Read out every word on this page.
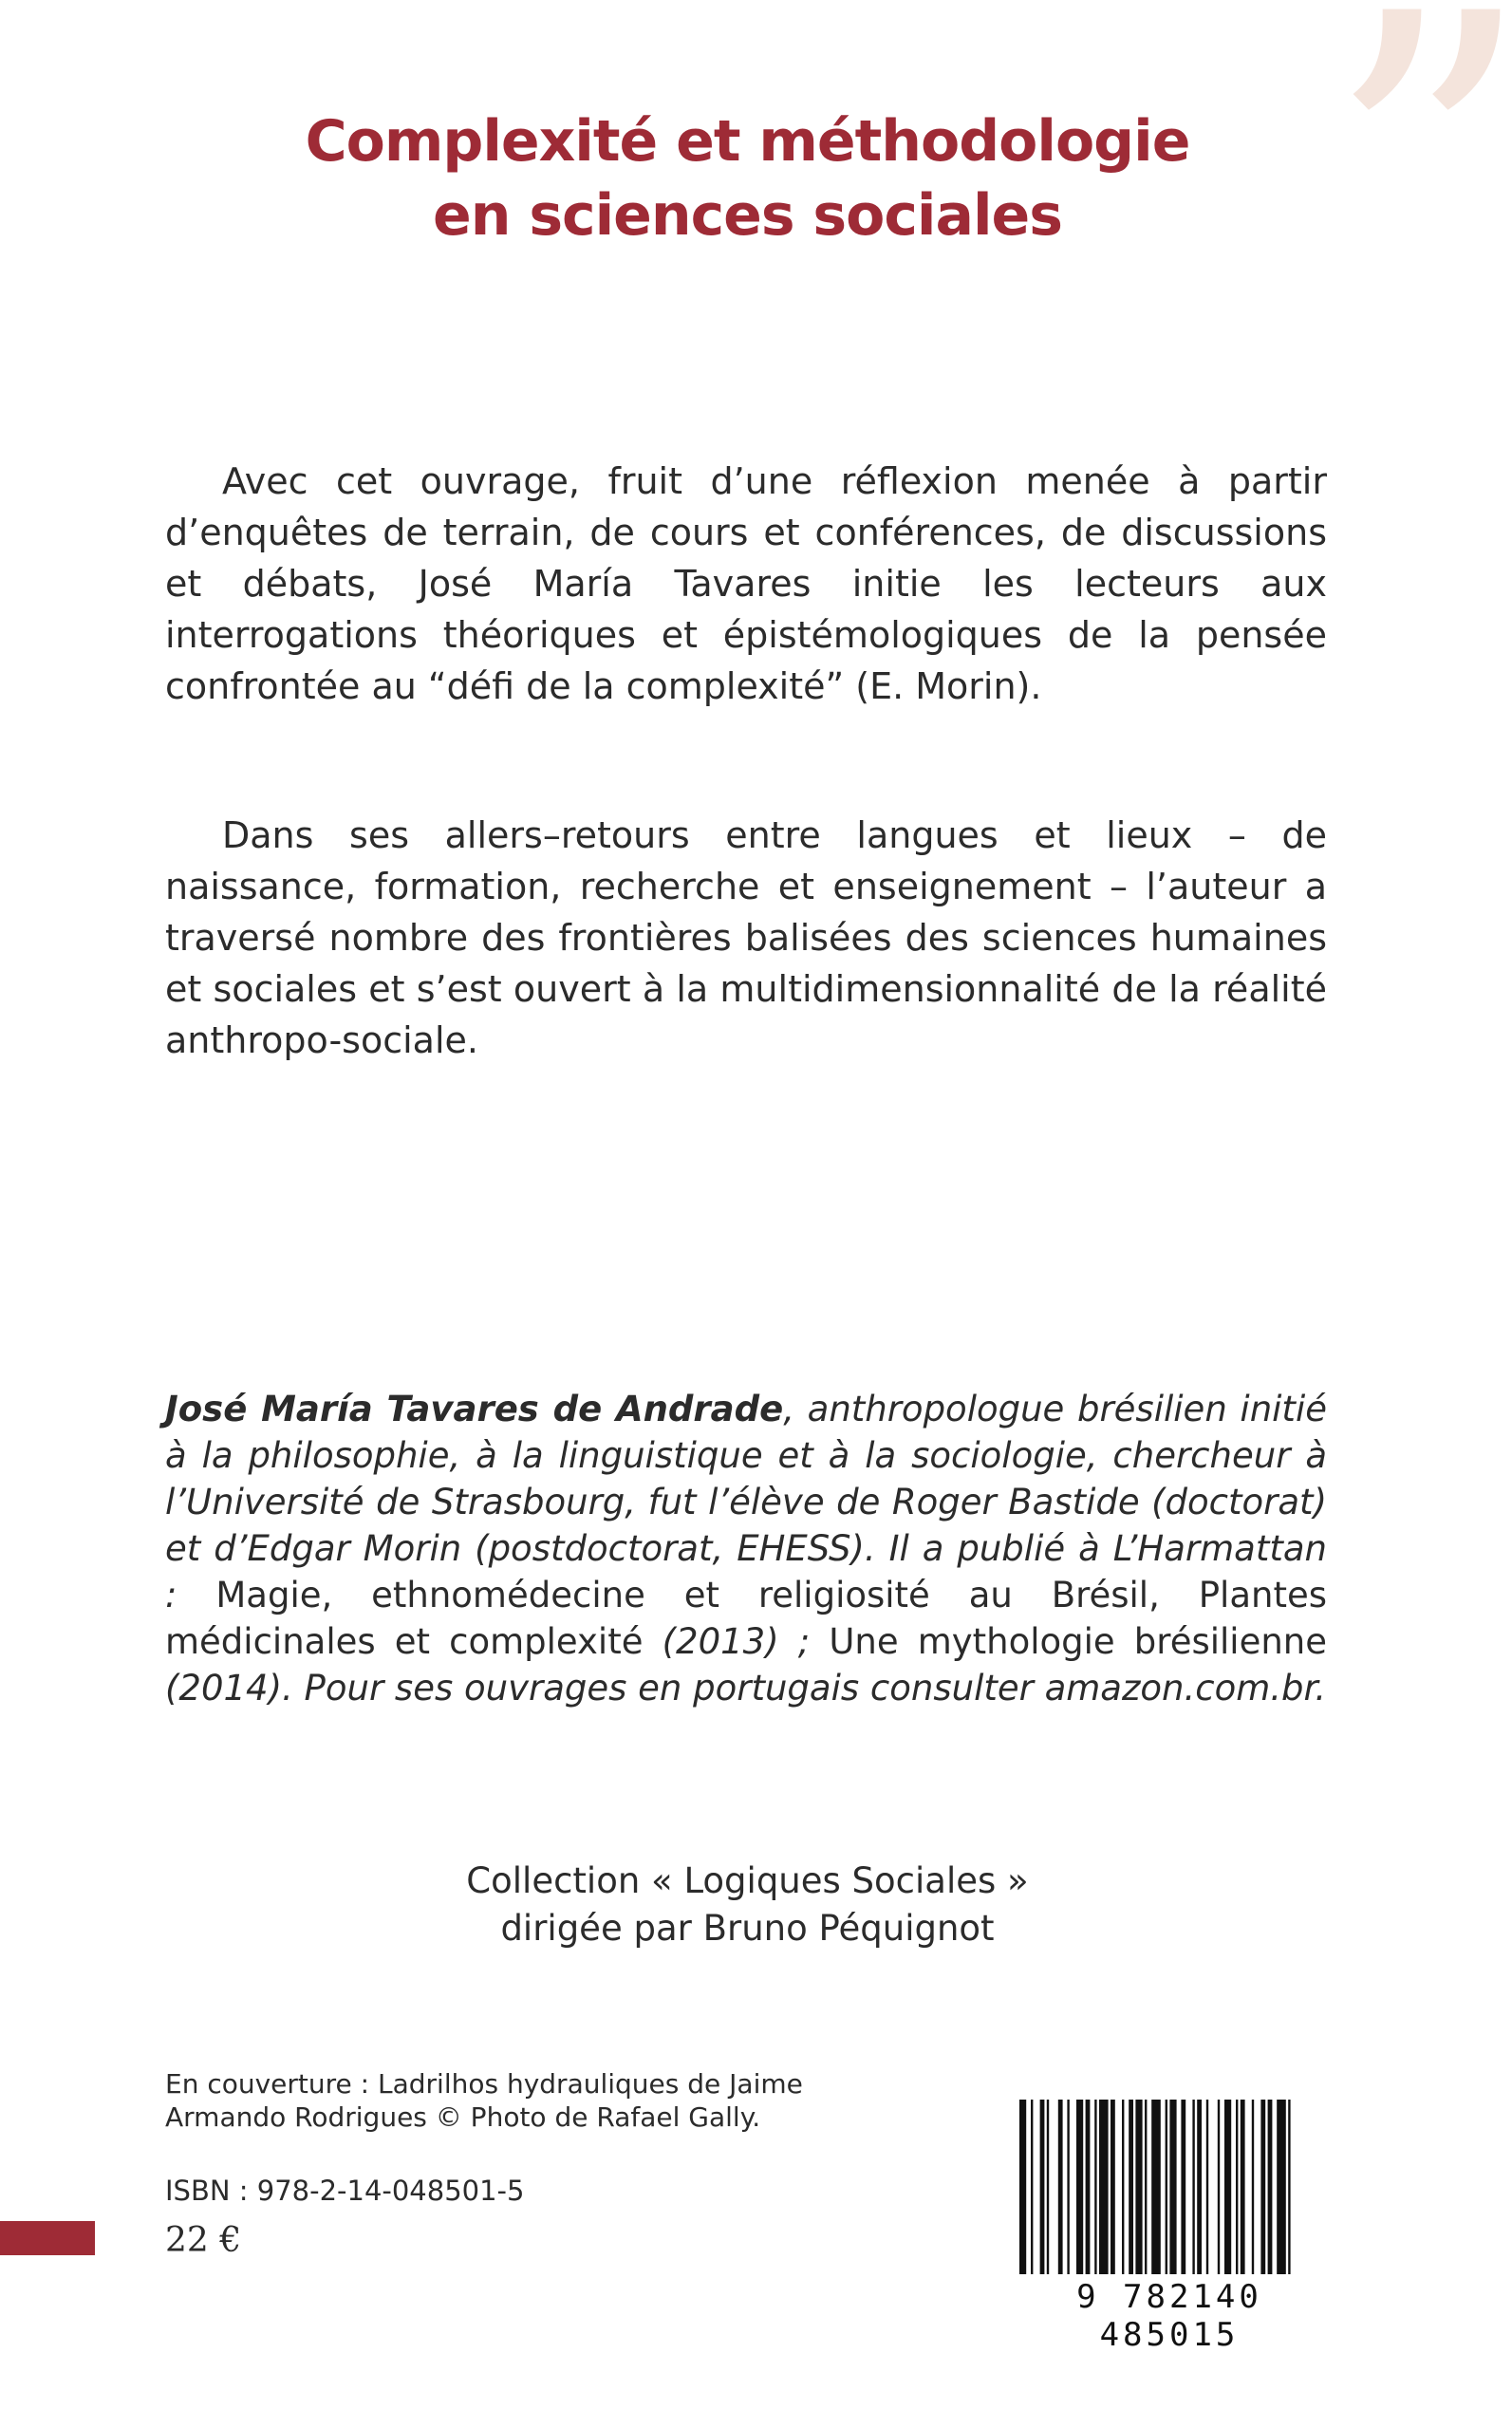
”
Complexité et méthodologie
en sciences sociales
Avec cet ouvrage, fruit d’une réflexion menée à partir d’enquêtes de terrain, de cours et conférences, de discussions et débats, José María Tavares initie les lecteurs aux interrogations théoriques et épistémologiques de la pensée confrontée au “défi de la complexité” (E. Morin).
Dans ses allers–retours entre langues et lieux – de naissance, formation, recherche et enseignement – l’auteur a traversé nombre des frontières balisées des sciences humaines et sociales et s’est ouvert à la multidimensionnalité de la réalité anthropo-sociale.
José María Tavares de Andrade, anthropologue brésilien initié à la philosophie, à la linguistique et à la sociologie, chercheur à l’Université de Strasbourg, fut l’élève de Roger Bastide (doctorat) et d’Edgar Morin (postdoctorat, EHESS). Il a publié à L’Harmattan : Magie, ethnomédecine et religiosité au Brésil, Plantes médicinales et complexité (2013) ; Une mythologie brésilienne (2014). Pour ses ouvrages en portugais consulter amazon.com.br.
Collection « Logiques Sociales »
dirigée par Bruno Péquignot
En couverture : Ladrilhos hydrauliques de Jaime
Armando Rodrigues © Photo de Rafael Gally.
ISBN : 978-2-14-048501-5
22 €
9 782140 485015
